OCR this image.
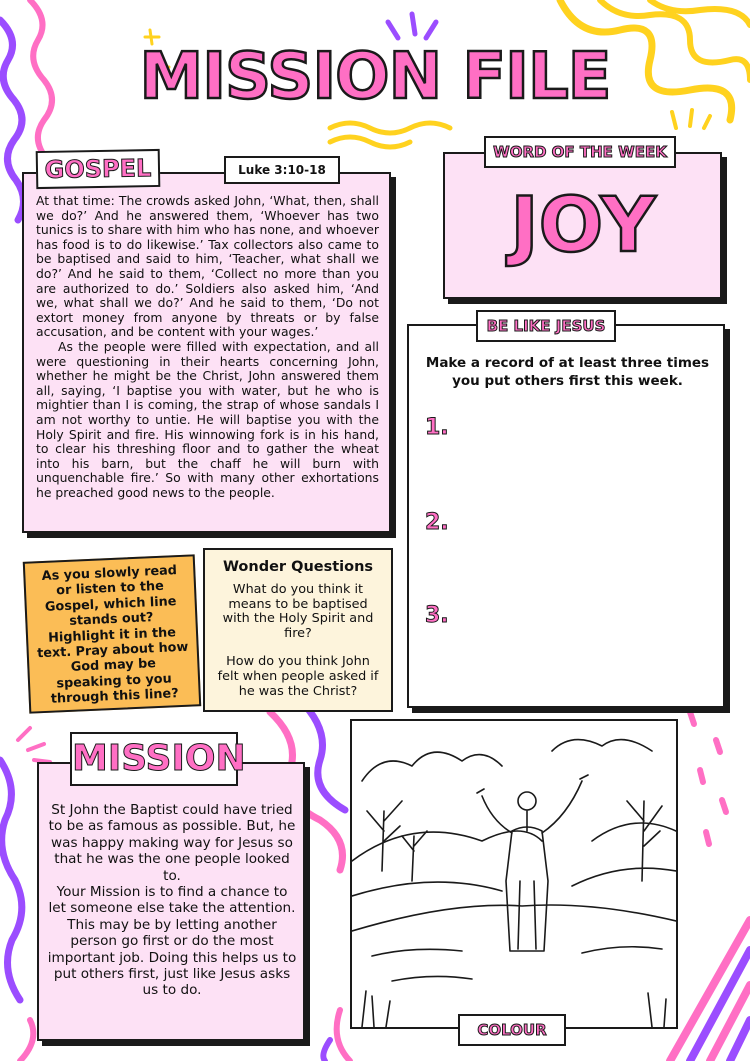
MISSION FILE

At that time: The crowds asked John, ‘What, then, shall we do?’ And he answered them, ‘Whoever has two tunics is to share with him who has none, and whoever has food is to do likewise.’ Tax collectors also came to be baptised and said to him, ‘Teacher, what shall we do?’ And he said to them, ‘Collect no more than you are authorized to do.’ Soldiers also asked him, ‘And we, what shall we do?’ And he said to them, ‘Do not extort money from anyone by threats or by false accusation, and be content with your wages.’

As the people were filled with expectation, and all were questioning in their hearts concerning John, whether he might be the Christ, John answered them all, saying, ‘I baptise you with water, but he who is mightier than I is coming, the strap of whose sandals I am not worthy to untie. He will baptise you with the Holy Spirit and fire. His winnowing fork is in his hand, to clear his threshing floor and to gather the wheat into his barn, but the chaff he will burn with unquenchable fire.’ So with many other exhortations he preached good news to the people.

GOSPEL	Luke 3:10-18
WORD OF THE WEEK
JOY
BE LIKE JESUS
Make a record of at least three times you put others first this week.
1.
2.
3.
As you slowly read or listen to the Gospel, which line stands out? Highlight it in the text. Pray about how God may be speaking to you through this line?
Wonder Questions
What do you think it means to be baptised with the Holy Spirit and fire?
How do you think John felt when people asked if he was the Christ?
St John the Baptist could have tried to be as famous as possible. But, he was happy making way for Jesus so that he was the one people looked to.
Your Mission is to find a chance to let someone else take the attention. This may be by letting another person go first or do the most important job. Doing this helps us to put others first, just like Jesus asks us to do.
MISSION
COLOUR
